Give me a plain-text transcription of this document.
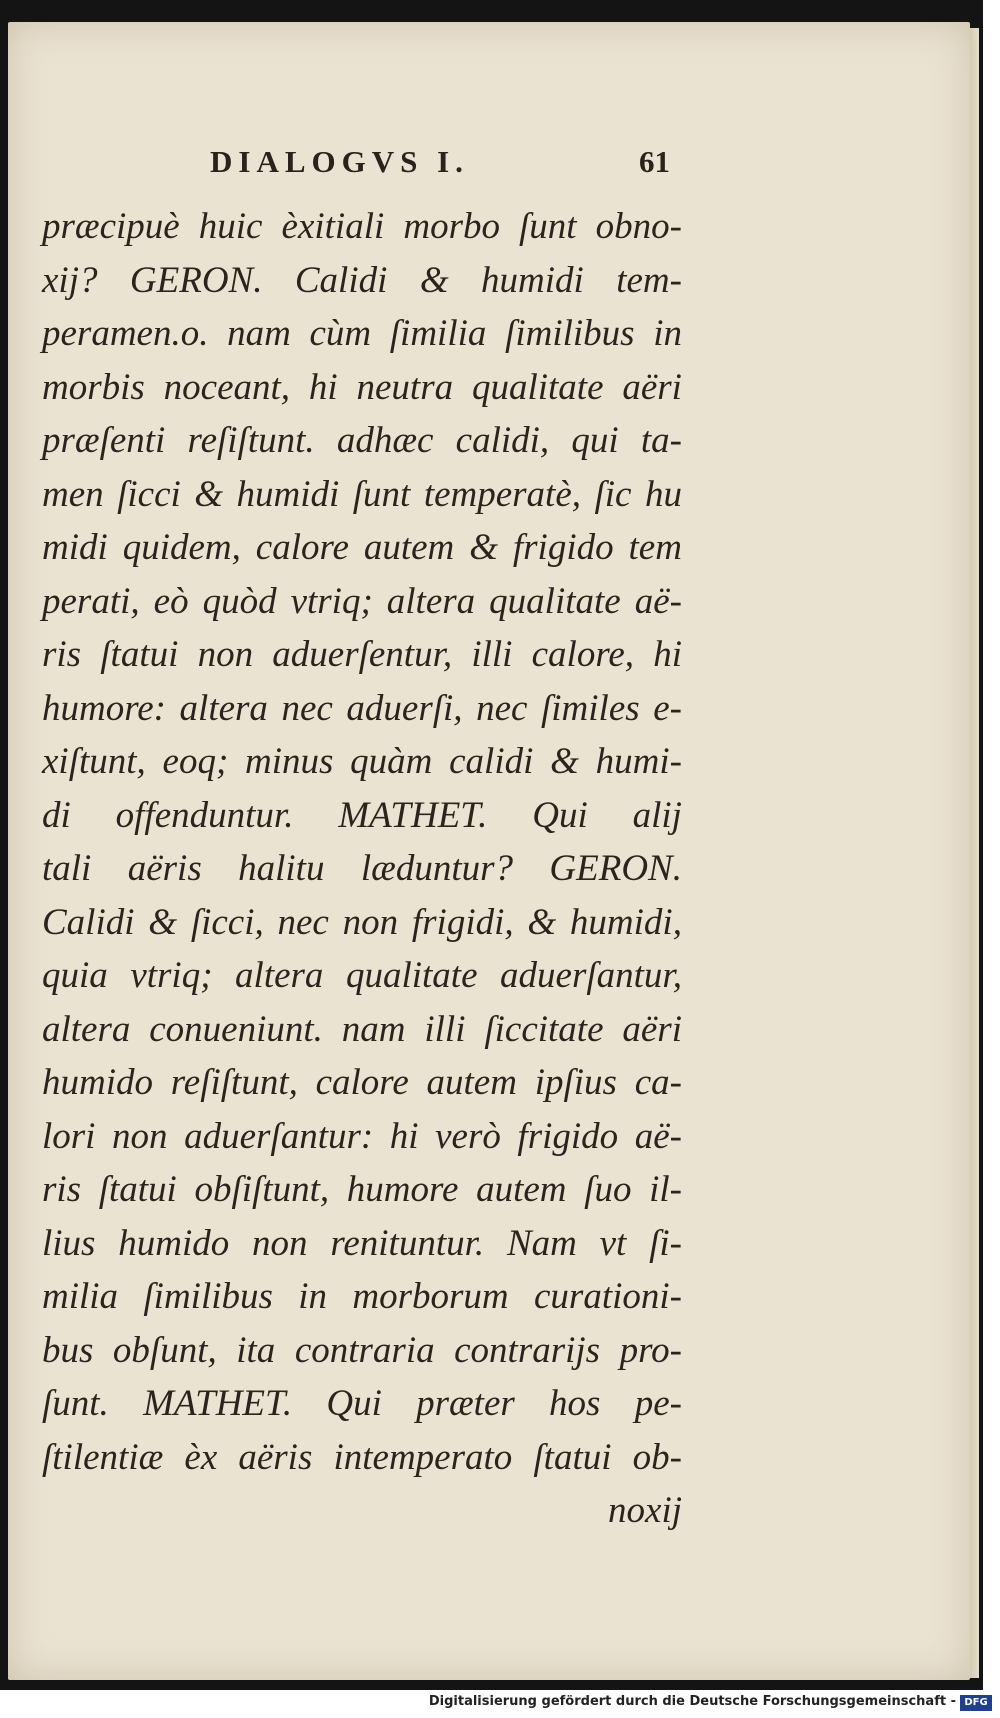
DIALOGVS I.	61
præcipuè huic èxitiali morbo ſunt obno-
xij? GERON. Calidi & humidi tem-
peramen.o. nam cùm ſimilia ſimilibus in
morbis noceant, hi neutra qualitate aëri
præſenti reſiſtunt. adhæc calidi, qui ta-
men ſicci & humidi ſunt temperatè, ſic hu
midi quidem, calore autem & frigido tem
perati, eò quòd vtriq; altera qualitate aë-
ris ſtatui non aduerſentur, illi calore, hi
humore: altera nec aduerſi, nec ſimiles e-
xiſtunt, eoq; minus quàm calidi & humi-
di offenduntur. MATHET. Qui alij
tali aëris halitu læduntur? GERON.
Calidi & ſicci, nec non frigidi, & humidi,
quia vtriq; altera qualitate aduerſantur,
altera conueniunt. nam illi ſiccitate aëri
humido reſiſtunt, calore autem ipſius ca-
lori non aduerſantur: hi verò frigido aë-
ris ſtatui obſiſtunt, humore autem ſuo il-
lius humido non renituntur. Nam vt ſi-
milia ſimilibus in morborum curationi-
bus obſunt, ita contraria contrarijs pro-
ſunt. MATHET. Qui præter hos pe-
ſtilentiæ èx aëris intemperato ſtatui ob-
noxij
Digitalisierung gefördert durch die Deutsche Forschungsgemeinschaft - DFG
